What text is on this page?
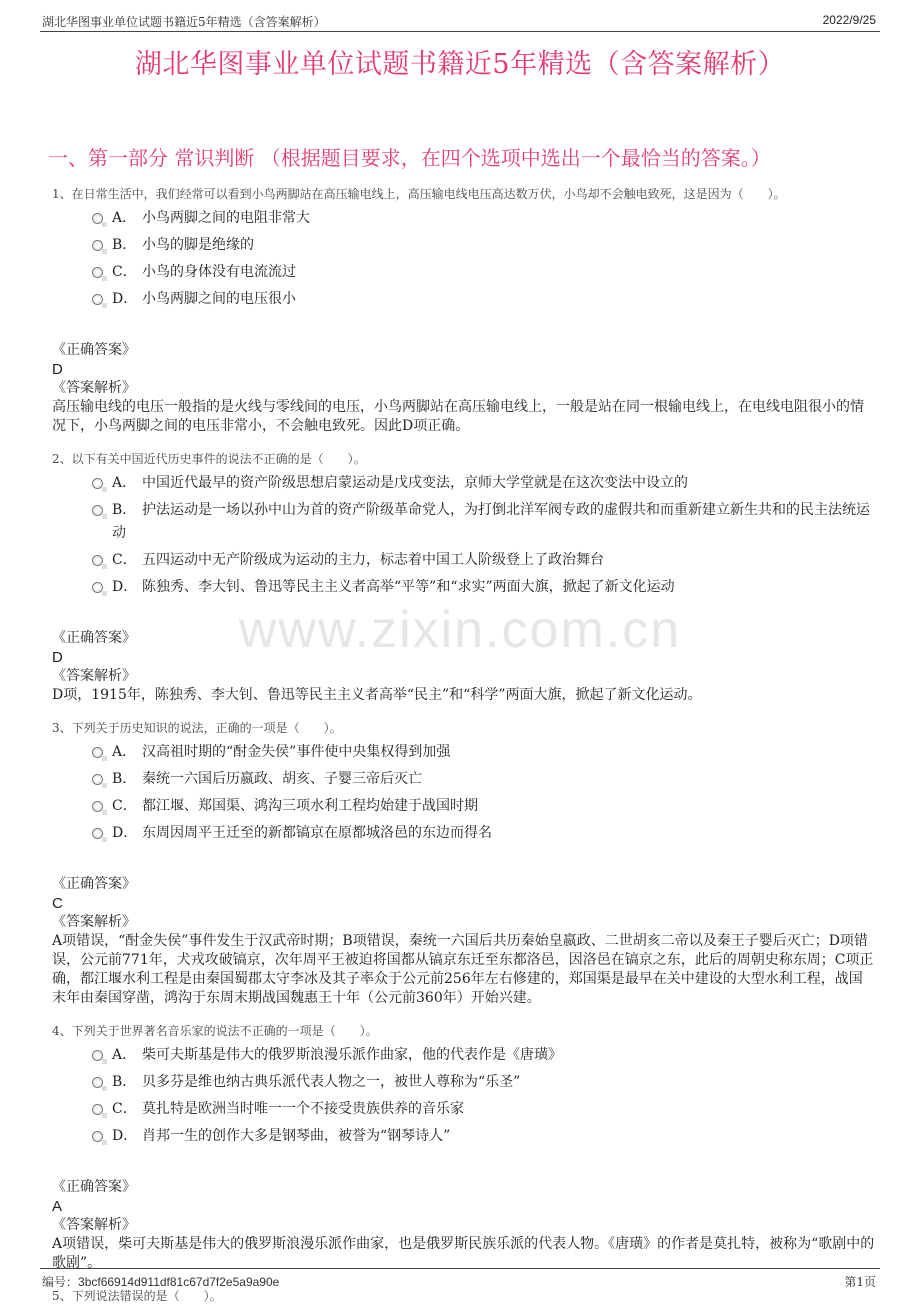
湖北华图事业单位试题书籍近5年精选（含答案解析）	2022/9/25
湖北华图事业单位试题书籍近5年精选（含答案解析）
一、第一部分 常识判断 （根据题目要求，在四个选项中选出一个最恰当的答案。）
www.zixin.com.cn

1、在日常生活中，我们经常可以看到小鸟两脚站在高压输电线上，高压输电线电压高达数万伏，小鸟却不会触电致死，这是因为（　　）。

A． 小鸟两脚之间的电阻非常大
B． 小鸟的脚是绝缘的
C． 小鸟的身体没有电流流过
D． 小鸟两脚之间的电压很小
《正确答案》
D
《答案解析》
高压输电线的电压一般指的是火线与零线间的电压，小鸟两脚站在高压输电线上，一般是站在同一根输电线上，在电线电阻很小的情况下，小鸟两脚之间的电压非常小，不会触电致死。因此D项正确。

2、以下有关中国近代历史事件的说法不正确的是（　　）。

A． 中国近代最早的资产阶级思想启蒙运动是戊戌变法，京师大学堂就是在这次变法中设立的
B． 护法运动是一场以孙中山为首的资产阶级革命党人，为打倒北洋军阀专政的虚假共和而重新建立新生共和的民主法统运动
C． 五四运动中无产阶级成为运动的主力，标志着中国工人阶级登上了政治舞台
D． 陈独秀、李大钊、鲁迅等民主主义者高举“平等”和“求实”两面大旗，掀起了新文化运动
《正确答案》
D
《答案解析》
D项，1915年，陈独秀、李大钊、鲁迅等民主主义者高举“民主”和“科学”两面大旗，掀起了新文化运动。

3、下列关于历史知识的说法，正确的一项是（　　）。

A． 汉高祖时期的“酎金失侯”事件使中央集权得到加强
B． 秦统一六国后历嬴政、胡亥、子婴三帝后灭亡
C． 都江堰、郑国渠、鸿沟三项水利工程均始建于战国时期
D． 东周因周平王迁至的新都镐京在原都城洛邑的东边而得名
《正确答案》
C
《答案解析》
A项错误，“酎金失侯”事件发生于汉武帝时期；B项错误，秦统一六国后共历秦始皇嬴政、二世胡亥二帝以及秦王子婴后灭亡；D项错误，公元前771年，犬戎攻破镐京，次年周平王被迫将国都从镐京东迁至东都洛邑，因洛邑在镐京之东，此后的周朝史称东周；C项正确，都江堰水利工程是由秦国蜀郡太守李冰及其子率众于公元前256年左右修建的，郑国渠是最早在关中建设的大型水利工程，战国末年由秦国穿凿，鸿沟于东周末期战国魏惠王十年（公元前360年）开始兴建。

4、下列关于世界著名音乐家的说法不正确的一项是（　　）。

A． 柴可夫斯基是伟大的俄罗斯浪漫乐派作曲家，他的代表作是《唐璜》
B． 贝多芬是维也纳古典乐派代表人物之一，被世人尊称为“乐圣”
C． 莫扎特是欧洲当时唯一一个不接受贵族供养的音乐家
D． 肖邦一生的创作大多是钢琴曲，被誉为“钢琴诗人”
《正确答案》
A
《答案解析》
A项错误，柴可夫斯基是伟大的俄罗斯浪漫乐派作曲家，也是俄罗斯民族乐派的代表人物。《唐璜》的作者是莫扎特，被称为“歌剧中的歌剧”。

5、下列说法错误的是（　　）。

编号：3bcf66914d911df81c67d7f2e5a9a90e	第1页
